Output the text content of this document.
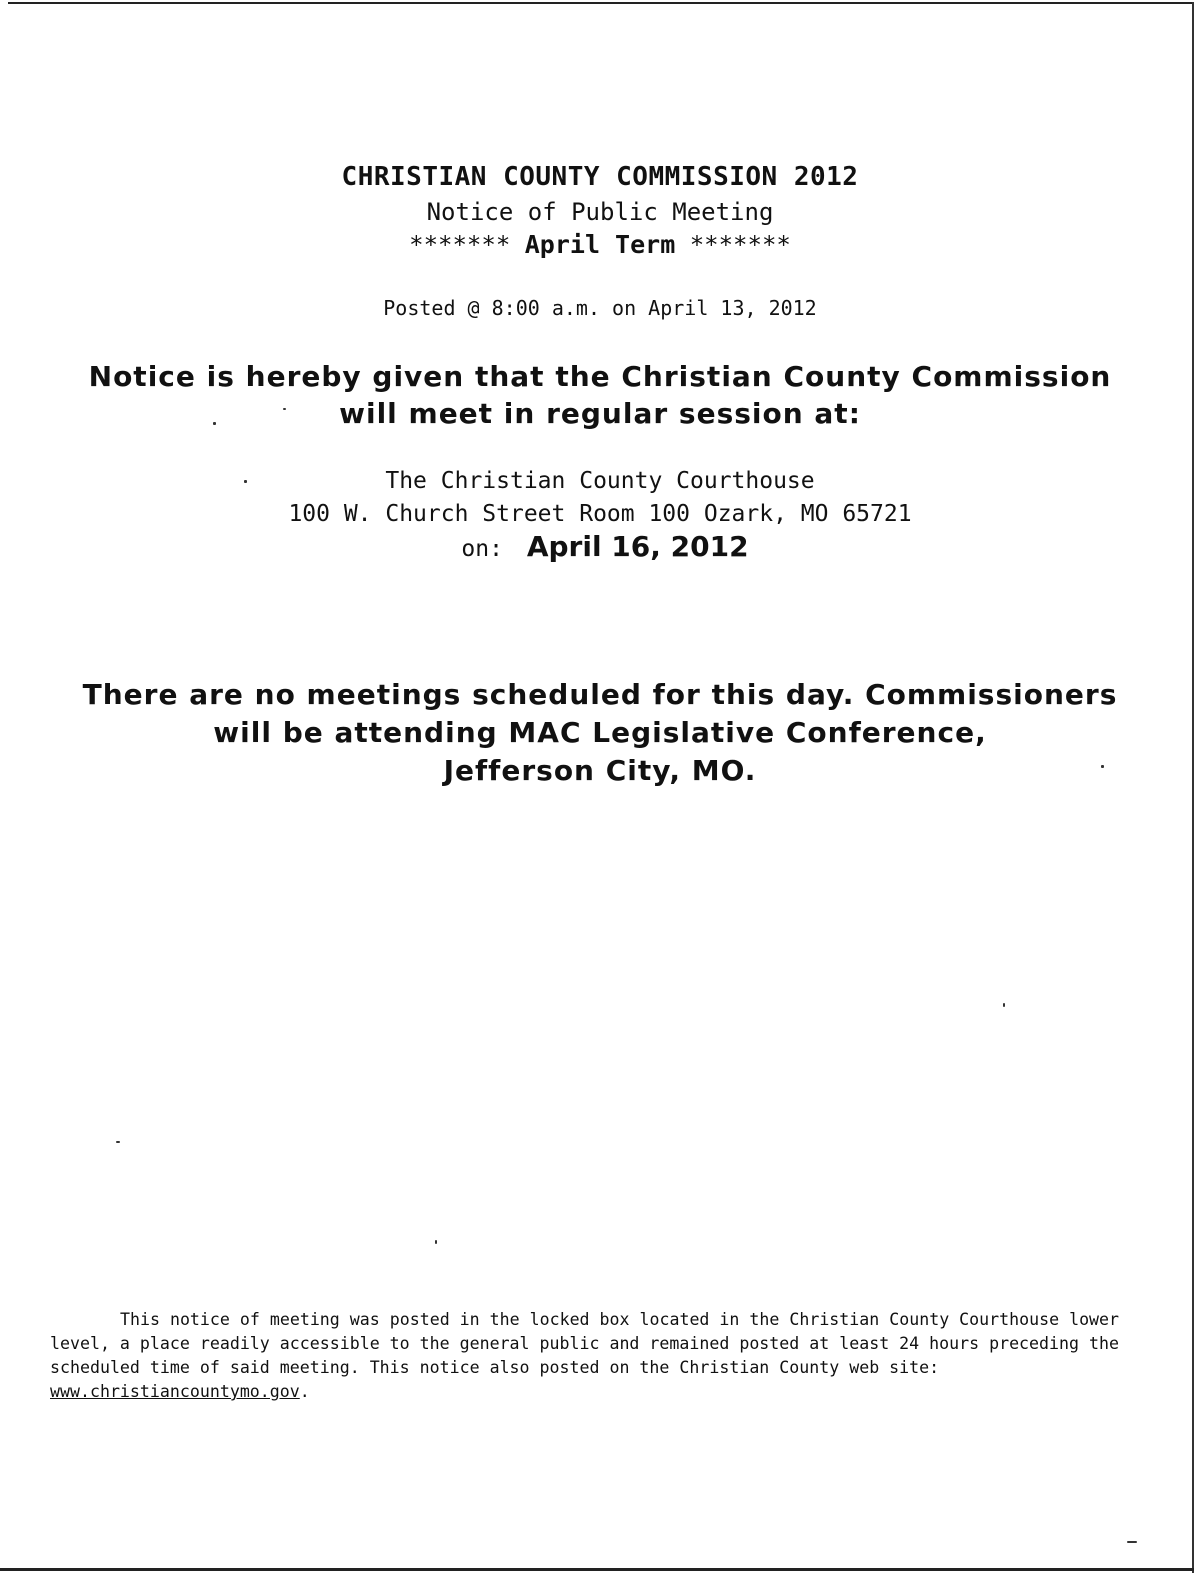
CHRISTIAN COUNTY COMMISSION 2012
Notice of Public Meeting
******* April Term *******
Posted @ 8:00 a.m. on April 13, 2012
Notice is hereby given that the Christian County Commission
will meet in regular session at:
The Christian County Courthouse
100 W. Church Street Room 100 Ozark, MO 65721
on: April 16, 2012
There are no meetings scheduled for this day. Commissioners
will be attending MAC Legislative Conference,
Jefferson City, MO.
This notice of meeting was posted in the locked box located in the Christian County Courthouse lower level, a place readily accessible to the general public and remained posted at least 24 hours preceding the scheduled time of said meeting. This notice also posted on the Christian County web site: www.christiancountymo.gov.
